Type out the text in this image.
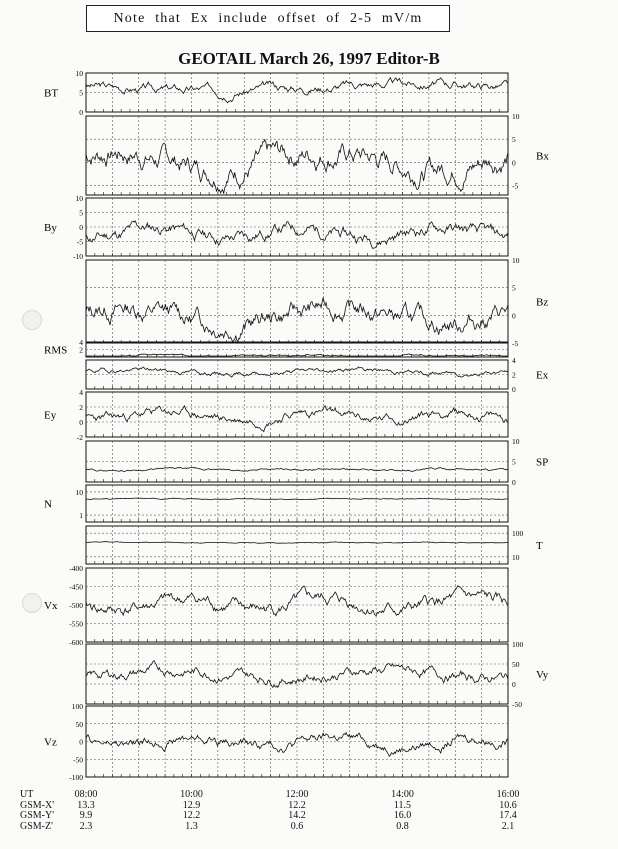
Note that Ex include offset of 2-5 mV/m
GEOTAIL March 26, 1997 Editor-B
0
5
10
BT
10
5
0
-5
Bx
10
5
0
-5
-10
By
10
5
0
-5
Bz
4
2
RMS
4
2
0
Ex
4
2
0
-2
Ey
10
5
0
SP
10
1
N
100
10
T
-400
-450
-500
-550
-600
Vx
100
50
0
-50
Vy
100
50
0
-50
-100
Vz
UT	08:00	10:00	12:00	14:00	16:00
GSM-X'	13.3	12.9	12.2	11.5	10.6
GSM-Y'	9.9	12.2	14.2	16.0	17.4
GSM-Z'	2.3	1.3	0.6	0.8	2.1
